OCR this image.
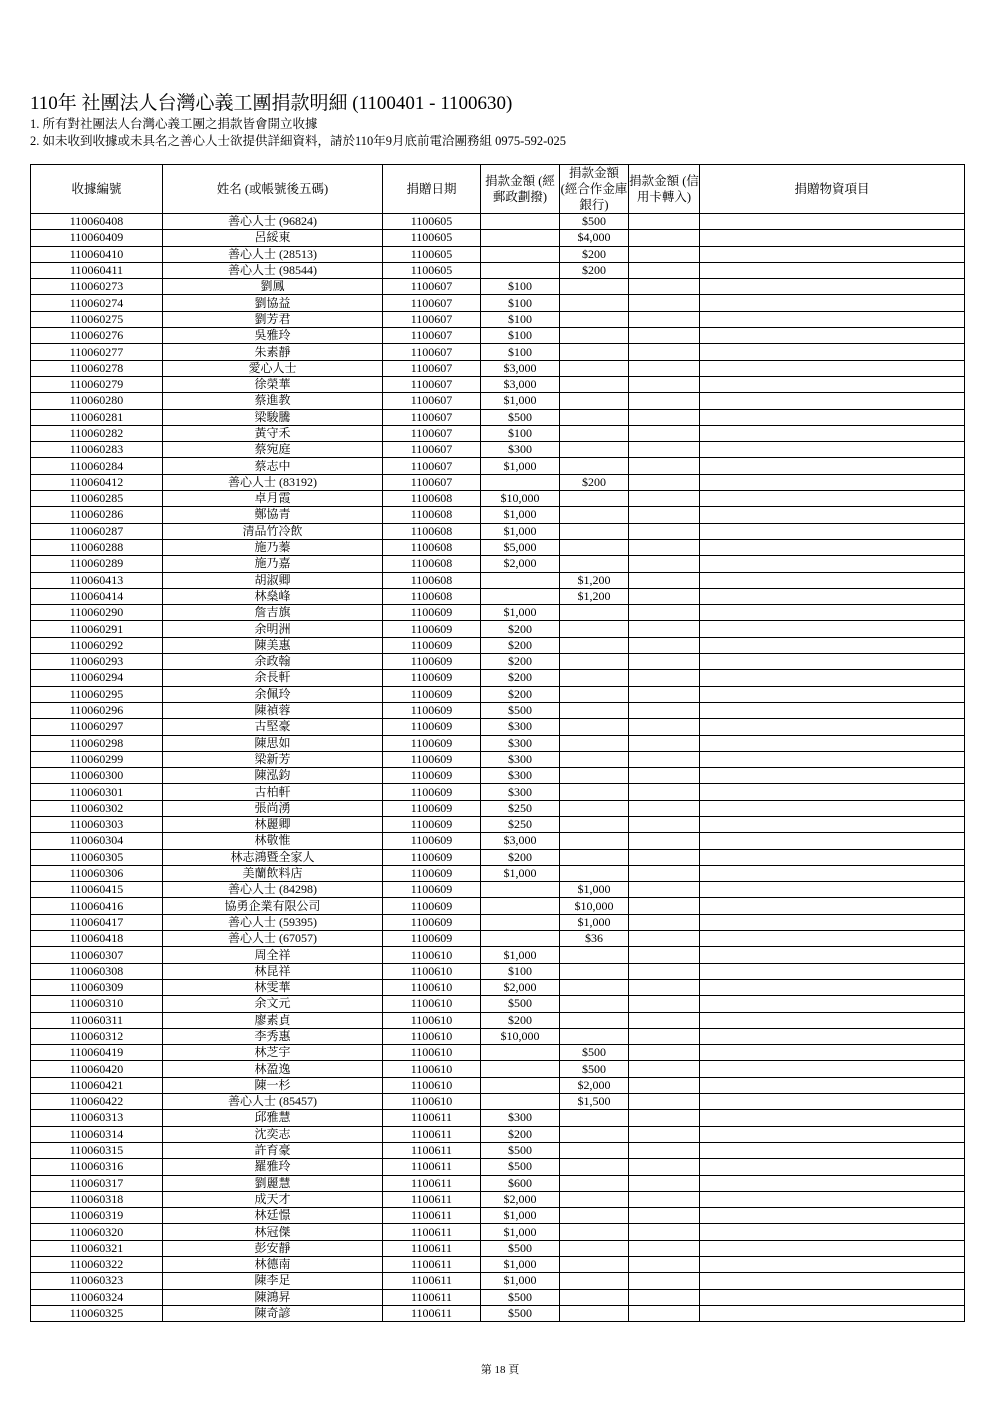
110年 社團法人台灣心義工團捐款明細 (1100401 - 1100630)
1. 所有對社團法人台灣心義工團之捐款皆會開立收據
2. 如未收到收據或未具名之善心人士欲提供詳細資料，請於110年9月底前電洽團務組 0975-592-025
收據編號	姓名 (或帳號後五碼)	捐贈日期	捐款金額 (經郵政劃撥)	捐款金額 (經合作金庫銀行)	捐款金額 (信用卡轉入)	捐贈物資項目
110060408	善心人士 (96824)	1100605		$500		
110060409	呂綏東	1100605		$4,000		
110060410	善心人士 (28513)	1100605		$200		
110060411	善心人士 (98544)	1100605		$200		
110060273	劉鳳	1100607	$100			
110060274	劉協益	1100607	$100			
110060275	劉芳君	1100607	$100			
110060276	吳雅玲	1100607	$100			
110060277	朱素靜	1100607	$100			
110060278	愛心人士	1100607	$3,000			
110060279	徐榮華	1100607	$3,000			
110060280	蔡進教	1100607	$1,000			
110060281	梁駿騰	1100607	$500			
110060282	黃守禾	1100607	$100			
110060283	蔡宛庭	1100607	$300			
110060284	蔡志中	1100607	$1,000			
110060412	善心人士 (83192)	1100607		$200		
110060285	卓月霞	1100608	$10,000			
110060286	鄭協青	1100608	$1,000			
110060287	清品竹冷飲	1100608	$1,000			
110060288	施乃蓁	1100608	$5,000			
110060289	施乃嘉	1100608	$2,000			
110060413	胡淑卿	1100608		$1,200		
110060414	林燊峰	1100608		$1,200		
110060290	詹吉旗	1100609	$1,000			
110060291	余明洲	1100609	$200			
110060292	陳美惠	1100609	$200			
110060293	余政翰	1100609	$200			
110060294	余長軒	1100609	$200			
110060295	余佩玲	1100609	$200			
110060296	陳禎蓉	1100609	$500			
110060297	古堅豪	1100609	$300			
110060298	陳思如	1100609	$300			
110060299	梁新芳	1100609	$300			
110060300	陳泓鈞	1100609	$300			
110060301	古柏軒	1100609	$300			
110060302	張尚湧	1100609	$250			
110060303	林麗卿	1100609	$250			
110060304	林敬惟	1100609	$3,000			
110060305	林志鴻暨全家人	1100609	$200			
110060306	美蘭飲料店	1100609	$1,000			
110060415	善心人士 (84298)	1100609		$1,000		
110060416	協勇企業有限公司	1100609		$10,000		
110060417	善心人士 (59395)	1100609		$1,000		
110060418	善心人士 (67057)	1100609		$36		
110060307	周全祥	1100610	$1,000			
110060308	林昆祥	1100610	$100			
110060309	林雯華	1100610	$2,000			
110060310	余文元	1100610	$500			
110060311	廖素貞	1100610	$200			
110060312	李秀惠	1100610	$10,000			
110060419	林芝宇	1100610		$500		
110060420	林盈逸	1100610		$500		
110060421	陳一杉	1100610		$2,000		
110060422	善心人士 (85457)	1100610		$1,500		
110060313	邱雅慧	1100611	$300			
110060314	沈奕志	1100611	$200			
110060315	許育豪	1100611	$500			
110060316	羅雅玲	1100611	$500			
110060317	劉麗慧	1100611	$600			
110060318	成天才	1100611	$2,000			
110060319	林廷憬	1100611	$1,000			
110060320	林冠傑	1100611	$1,000			
110060321	彭安靜	1100611	$500			
110060322	林德南	1100611	$1,000			
110060323	陳李足	1100611	$1,000			
110060324	陳鴻昇	1100611	$500			
110060325	陳奇諺	1100611	$500			
第 18 頁
